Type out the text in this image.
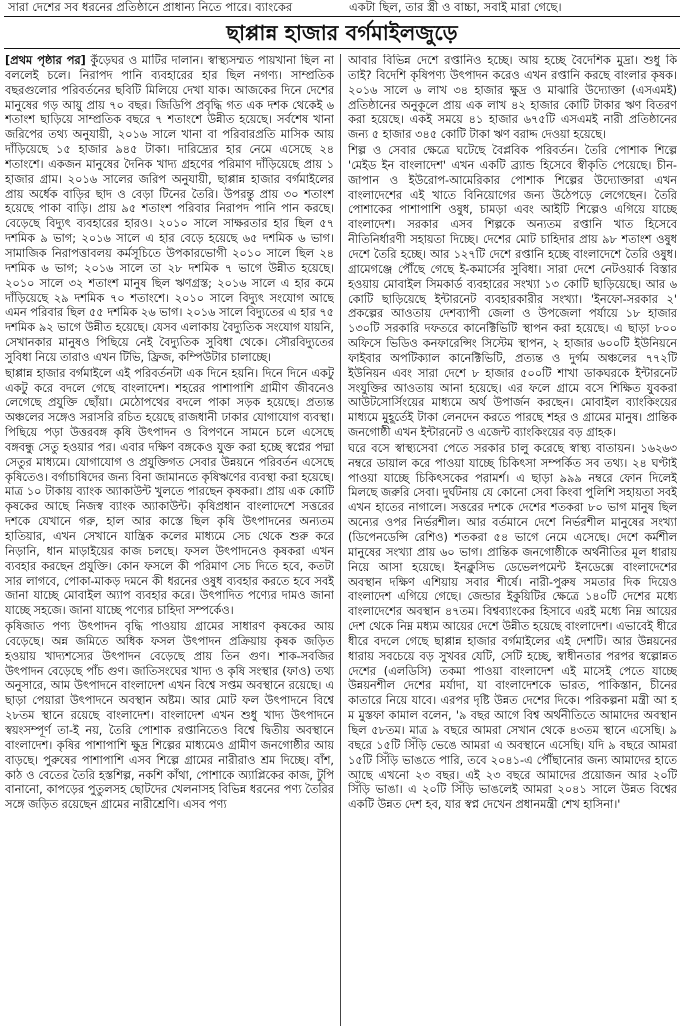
সারা দেশের সব ধরনের প্রতিষ্ঠানে প্রাধান্য নিতে পারে। ব্যাংকের	একটা ছিল, তার স্ত্রী ও বাচ্চা, সবাই মারা গেছে।
ছাপ্পান্ন হাজার বর্গমাইলজুড়ে

[প্রথম পৃষ্ঠার পর] কুঁড়েঘর ও মাটির দালান। স্বাস্থ্যসম্মত পায়খানা ছিল না বললেই চলে। নিরাপদ পানি ব্যবহারের হার ছিল নগণ্য। সাম্প্রতিক বছরগুলোর পরিবর্তনের ছবিটি মিলিয়ে দেখা যাক। আজকের দিনে দেশের মানুষের গড় আয়ু প্রায় ৭০ বছর। জিডিপি প্রবৃদ্ধি গত এক দশক থেকেই ৬ শতাংশ ছাড়িয়ে সাম্প্রতিক বছরে ৭ শতাংশে উন্নীত হয়েছে। সর্বশেষ খানা জরিপের তথ্য অনুযায়ী, ২০১৬ সালে খানা বা পরিবারপ্রতি মাসিক আয় দাঁড়িয়েছে ১৫ হাজার ৯৪৫ টাকা। দারিদ্র্যের হার নেমে এসেছে ২৪ শতাংশে। একজন মানুষের দৈনিক খাদ্য গ্রহণের পরিমাণ দাঁড়িয়েছে প্রায় ১ হাজার গ্রাম। ২০১৬ সালের জরিপ অনুযায়ী, ছাপ্পান্ন হাজার বর্গমাইলের প্রায় অর্ধেক বাড়ির ছাদ ও বেড়া টিনের তৈরি। উপরন্তু প্রায় ৩০ শতাংশ হয়েছে পাকা বাড়ি। প্রায় ৯৫ শতাংশ পরিবার নিরাপদ পানি পান করছে। বেড়েছে বিদ্যুৎ ব্যবহারের হারও। ২০১০ সালে সাক্ষরতার হার ছিল ৫৭ দশমিক ৯ ভাগ; ২০১৬ সালে এ হার বেড়ে হয়েছে ৬৫ দশমিক ৬ ভাগ। সামাজিক নিরাপত্তাবলয় কর্মসূচিতে উপকারভোগী ২০১০ সালে ছিল ২৪ দশমিক ৬ ভাগ; ২০১৬ সালে তা ২৮ দশমিক ৭ ভাগে উন্নীত হয়েছে। ২০১০ সালে ৩২ শতাংশ মানুষ ছিল ঋণগ্রস্ত; ২০১৬ সালে এ হার কমে দাঁড়িয়েছে ২৯ দশমিক ৭০ শতাংশে। ২০১০ সালে বিদ্যুৎ সংযোগ আছে এমন পরিবার ছিল ৫৫ দশমিক ২৬ ভাগ। ২০১৬ সালে বিদ্যুতের এ হার ৭৫ দশমিক ৯২ ভাগে উন্নীত হয়েছে। যেসব এলাকায় বৈদ্যুতিক সংযোগ যায়নি, সেখানকার মানুষও পিছিয়ে নেই বৈদ্যুতিক সুবিধা থেকে। সৌরবিদ্যুতের সুবিধা নিয়ে তারাও এখন টিভি, ফ্রিজ, কম্পিউটার চালাচ্ছে।

ছাপ্পান্ন হাজার বর্গমাইলে এই পরিবর্তনটা এক দিনে হয়নি। দিনে দিনে একটু একটু করে বদলে গেছে বাংলাদেশ। শহরের পাশাপাশি গ্রামীণ জীবনেও লেগেছে প্রযুক্তি ছোঁয়া। মেঠোপথের বদলে পাকা সড়ক হয়েছে। প্রত্যন্ত অঞ্চলের সঙ্গেও সরাসরি রচিত হয়েছে রাজধানী ঢাকার যোগাযোগ ব্যবস্থা। পিছিয়ে পড়া উত্তরবঙ্গ কৃষি উৎপাদন ও বিপণনে সামনে চলে এসেছে বঙ্গবন্ধু সেতু হওয়ার পর। এবার দক্ষিণ বঙ্গকেও যুক্ত করা হচ্ছে স্বপ্নের পদ্মা সেতুর মাধ্যমে। যোগাযোগ ও প্রযুক্তিগত সেবার উন্নয়নে পরিবর্তন এসেছে কৃষিতেও। বর্গাচাষিদের জন্য বিনা জামানতে কৃষিঋণের ব্যবস্থা করা হয়েছে। মাত্র ১০ টাকায় ব্যাংক অ্যাকাউন্ট খুলতে পারছেন কৃষকরা। প্রায় এক কোটি কৃষকের আছে নিজস্ব ব্যাংক অ্যাকাউন্ট। কৃষিপ্রধান বাংলাদেশে সত্তরের দশকে যেখানে গরু, হাল আর কাস্তে ছিল কৃষি উৎপাদনের অন্যতম হাতিয়ার, এখন সেখানে যান্ত্রিক কলের মাধ্যমে সেচ থেকে শুরু করে নিড়ানি, ধান মাড়াইয়ের কাজ চলছে। ফসল উৎপাদনেও কৃষকরা এখন ব্যবহার করছেন প্রযুক্তি। কোন ফসলে কী পরিমাণ সেচ দিতে হবে, কতটা সার লাগবে, পোকা-মাকড় দমনে কী ধরনের ওষুধ ব্যবহার করতে হবে সবই জানা যাচ্ছে মোবাইল অ্যাপ ব্যবহার করে। উৎপাদিত পণ্যের দামও জানা যাচ্ছে সহজে। জানা যাচ্ছে পণ্যের চাহিদা সম্পর্কেও।

কৃষিজাত পণ্য উৎপাদন বৃদ্ধি পাওয়ায় গ্রামের সাধারণ কৃষকের আয় বেড়েছে। অন্ন জমিতে অধিক ফসল উৎপাদন প্রক্রিয়ায় কৃষক জড়িত হওয়ায় খাদ্যশস্যের উৎপাদন বেড়েছে প্রায় তিন গুণ। শাক-সবজির উৎপাদন বেড়েছে পাঁচ গুণ। জাতিসংঘের খাদ্য ও কৃষি সংস্থার (ফাও) তথ্য অনুসারে, আম উৎপাদনে বাংলাদেশ এখন বিশ্বে সপ্তম অবস্থানে রয়েছে। এ ছাড়া পেয়ারা উৎপাদনে অবস্থান অষ্টম। আর মোট ফল উৎপাদনে বিশ্বে ২৮তম স্থানে রয়েছে বাংলাদেশ। বাংলাদেশ এখন শুধু খাদ্য উৎপাদনে স্বয়ংসম্পূর্ণ তা-ই নয়, তৈরি পোশাক রপ্তানিতেও বিশ্বে দ্বিতীয় অবস্থানে বাংলাদেশ। কৃষির পাশাপাশি ক্ষুদ্র শিল্পের মাধ্যমেও গ্রামীণ জনগোষ্ঠীর আয় বাড়ছে। পুরুষের পাশাপাশি এসব শিল্পে গ্রামের নারীরাও শ্রম দিচ্ছে। বাঁশ, কাঠ ও বেতের তৈরি হস্তশিল্প, নকশি কাঁথা, পোশাকে অ্যাপ্লিকের কাজ, টুপি বানানো, কাপড়ের পুতুলসহ ছোটদের খেলনাসহ বিভিন্ন ধরনের পণ্য তৈরির সঙ্গে জড়িত রয়েছেন গ্রামের নারীশ্রেণি। এসব পণ্য

আবার বিভিন্ন দেশে রপ্তানিও হচ্ছে। আয় হচ্ছে বৈদেশিক মুদ্রা। শুধু কি তাই? বিদেশি কৃষিপণ্য উৎপাদন করেও এখন রপ্তানি করছে বাংলার কৃষক। ২০১৬ সালে ৬ লাখ ৩৪ হাজার ক্ষুদ্র ও মাঝারি উদ্যোক্তা (এসএমই) প্রতিষ্ঠানের অনুকূলে প্রায় এক লাখ ৪২ হাজার কোটি টাকার ঋণ বিতরণ করা হয়েছে। একই সময়ে ৪১ হাজার ৬৭৫টি এসএমই নারী প্রতিষ্ঠানের জন্য ৫ হাজার ৩৪৫ কোটি টাকা ঋণ বরাদ্দ দেওয়া হয়েছে।

শিল্প ও সেবার ক্ষেত্রে ঘটেছে বৈপ্লবিক পরিবর্তন। তৈরি পোশাক শিল্পে 'মেইড ইন বাংলাদেশ' এখন একটি ব্র্যান্ড হিসেবে স্বীকৃতি পেয়েছে। চীন-জাপান ও ইউরোপ-আমেরিকার পোশাক শিল্পের উদ্যোক্তারা এখন বাংলাদেশের এই খাতে বিনিয়োগের জন্য উঠেপড়ে লেগেছেন। তৈরি পোশাকের পাশাপাশি ওষুধ, চামড়া এবং আইটি শিল্পেও এগিয়ে যাচ্ছে বাংলাদেশ। সরকার এসব শিল্পকে অন্যতম রপ্তানি খাত হিসেবে নীতিনির্ধারণী সহায়তা দিচ্ছে। দেশের মোট চাহিদার প্রায় ৯৮ শতাংশ ওষুধ দেশে তৈরি হচ্ছে। আর ১২৭টি দেশে রপ্তানি হচ্ছে বাংলাদেশে তৈরি ওষুধ। গ্রামেগঞ্জে পৌঁছে গেছে ই-কমার্সের সুবিধা। সারা দেশে নেটওয়ার্ক বিস্তার হওয়ায় মোবাইল সিমকার্ড ব্যবহারের সংখ্যা ১৩ কোটি ছাড়িয়েছে। আর ৬ কোটি ছাড়িয়েছে ইন্টারনেট ব্যবহারকারীর সংখ্যা। 'ইনফো-সরকার ২' প্রকল্পের আওতায় দেশব্যাপী জেলা ও উপজেলা পর্যায়ে ১৮ হাজার ১৩০টি সরকারি দফতরে কানেক্টিভিটি স্থাপন করা হয়েছে। এ ছাড়া ৮০০ অফিসে ভিডিও কনফারেন্সিং সিস্টেম স্থাপন, ২ হাজার ৬০০টি ইউনিয়নে ফাইবার অপটিক্যাল কানেক্টিভিটি, প্রত্যন্ত ও দুর্গম অঞ্চলের ৭৭২টি ইউনিয়ন এবং সারা দেশে ৮ হাজার ৫০০টি শাখা ডাকঘরকে ইন্টারনেট সংযুক্তির আওতায় আনা হয়েছে। এর ফলে গ্রামে বসে শিক্ষিত যুবকরা আউটসোর্সিংয়ের মাধ্যমে অর্থ উপার্জন করছেন। মোবাইল ব্যাংকিংয়ের মাধ্যমে মুহূর্তেই টাকা লেনদেন করতে পারছে শহর ও গ্রামের মানুষ। প্রান্তিক জনগোষ্ঠী এখন ইন্টারনেট ও এজেন্ট ব্যাংকিংয়ের বড় গ্রাহক।

ঘরে বসে স্বাস্থ্যসেবা পেতে সরকার চালু করেছে স্বাস্থ্য বাতায়ন। ১৬২৬৩ নম্বরে ডায়াল করে পাওয়া যাচ্ছে চিকিৎসা সম্পর্কিত সব তথ্য। ২৪ ঘণ্টাই পাওয়া যাচ্ছে চিকিৎসকের পরামর্শ। এ ছাড়া ৯৯৯ নম্বরে ফোন দিলেই মিলছে জরুরি সেবা। দুর্ঘটনায় যে কোনো সেবা কিংবা পুলিশি সহায়তা সবই এখন হাতের নাগালে। সত্তরের দশকে দেশের শতকরা ৮০ ভাগ মানুষ ছিল অন্যের ওপর নির্ভরশীল। আর বর্তমানে দেশে নির্ভরশীল মানুষের সংখ্যা (ডিপেনডেন্সি রেশিও) শতকরা ৫৪ ভাগে নেমে এসেছে। দেশে কর্মশীল মানুষের সংখ্যা প্রায় ৬০ ভাগ। প্রান্তিক জনগোষ্ঠীকে অর্থনীতির মূল ধারায় নিয়ে আসা হয়েছে। ইনক্লুসিভ ডেভেলপমেন্ট ইনডেক্সে বাংলাদেশের অবস্থান দক্ষিণ এশিয়ায় সবার শীর্ষে। নারী-পুরুষ সমতার দিক দিয়েও বাংলাদেশ এগিয়ে গেছে। জেন্ডার ইকুয়িটির ক্ষেত্রে ১৪০টি দেশের মধ্যে বাংলাদেশের অবস্থান ৪৭তম। বিশ্বব্যাংকের হিসাবে এরই মধ্যে নিম্ন আয়ের দেশ থেকে নিম্ন মধ্যম আয়ের দেশে উন্নীত হয়েছে বাংলাদেশ। এভাবেই ধীরে ধীরে বদলে গেছে ছাপ্পান্ন হাজার বর্গমাইলের এই দেশটি। আর উন্নয়নের ধারায় সবচেয়ে বড় সুখবর যেটি, সেটি হচ্ছে, স্বাধীনতার পরপর স্বল্পোন্নত দেশের (এলডিসি) তকমা পাওয়া বাংলাদেশ এই মাসেই পেতে যাচ্ছে উন্নয়নশীল দেশের মর্যাদা, যা বাংলাদেশকে ভারত, পাকিস্তান, চীনের কাতারে নিয়ে যাবে। এরপর দৃষ্টি উন্নত দেশের দিকে। পরিকল্পনা মন্ত্রী আ হ ম মুস্তফা কামাল বলেন, '৯ বছর আগে বিশ্ব অর্থনীতিতে আমাদের অবস্থান ছিল ৫৮তম। মাত্র ৯ বছরে আমরা সেখান থেকে ৪৩তম স্থানে এসেছি। ৯ বছরে ১৫টি সিঁড়ি ভেঙে আমরা এ অবস্থানে এসেছি। যদি ৯ বছরে আমরা ১৫টি সিঁড়ি ভাঙতে পারি, তবে ২০৪১-এ পৌঁছানোর জন্য আমাদের হাতে আছে এখনো ২৩ বছর। এই ২৩ বছরে আমাদের প্রয়োজন আর ২০টি সিঁড়ি ভাঙা। এ ২০টি সিঁড়ি ভাঙলেই আমরা ২০৪১ সালে উন্নত বিশ্বের একটি উন্নত দেশ হব, যার স্বপ্ন দেখেন প্রধানমন্ত্রী শেখ হাসিনা।'
